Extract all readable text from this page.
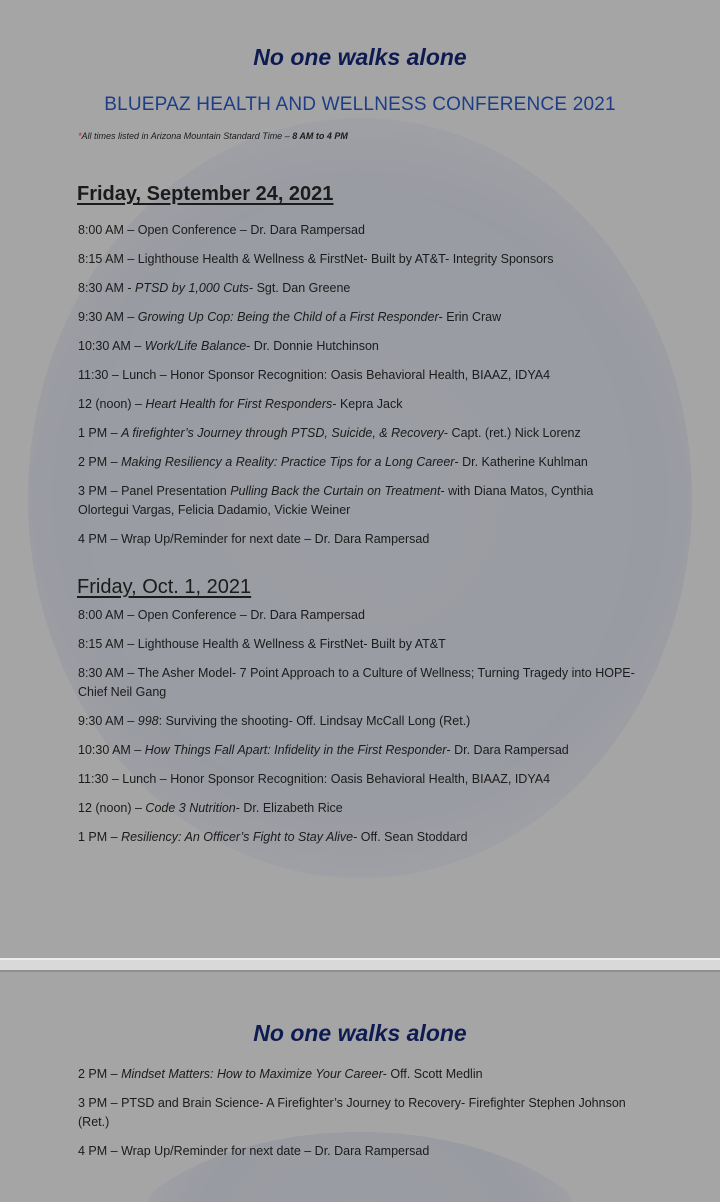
No one walks alone
BLUEPAZ HEALTH AND WELLNESS CONFERENCE 2021
*All times listed in Arizona Mountain Standard Time – 8 AM to 4 PM
Friday, September 24, 2021
8:00 AM – Open Conference – Dr. Dara Rampersad
8:15 AM – Lighthouse Health & Wellness & FirstNet- Built by AT&T- Integrity Sponsors
8:30 AM - PTSD by 1,000 Cuts- Sgt. Dan Greene
9:30 AM – Growing Up Cop: Being the Child of a First Responder- Erin Craw
10:30 AM – Work/Life Balance- Dr. Donnie Hutchinson
11:30 – Lunch – Honor Sponsor Recognition: Oasis Behavioral Health, BIAAZ, IDYA4
12 (noon) – Heart Health for First Responders- Kepra Jack
1 PM – A firefighter’s Journey through PTSD, Suicide, & Recovery- Capt. (ret.) Nick Lorenz
2 PM – Making Resiliency a Reality: Practice Tips for a Long Career- Dr. Katherine Kuhlman
3 PM – Panel Presentation Pulling Back the Curtain on Treatment- with Diana Matos, Cynthia Olortegui Vargas, Felicia Dadamio, Vickie Weiner
4 PM – Wrap Up/Reminder for next date – Dr. Dara Rampersad
Friday, Oct. 1, 2021
8:00 AM – Open Conference – Dr. Dara Rampersad
8:15 AM – Lighthouse Health & Wellness & FirstNet- Built by AT&T
8:30 AM – The Asher Model- 7 Point Approach to a Culture of Wellness; Turning Tragedy into HOPE- Chief Neil Gang
9:30 AM – 998: Surviving the shooting- Off. Lindsay McCall Long (Ret.)
10:30 AM – How Things Fall Apart: Infidelity in the First Responder- Dr. Dara Rampersad
11:30 – Lunch – Honor Sponsor Recognition: Oasis Behavioral Health, BIAAZ, IDYA4
12 (noon) – Code 3 Nutrition- Dr. Elizabeth Rice
1 PM – Resiliency: An Officer’s Fight to Stay Alive- Off. Sean Stoddard
No one walks alone
2 PM – Mindset Matters: How to Maximize Your Career- Off. Scott Medlin
3 PM – PTSD and Brain Science- A Firefighter’s Journey to Recovery- Firefighter Stephen Johnson (Ret.)
4 PM – Wrap Up/Reminder for next date – Dr. Dara Rampersad
